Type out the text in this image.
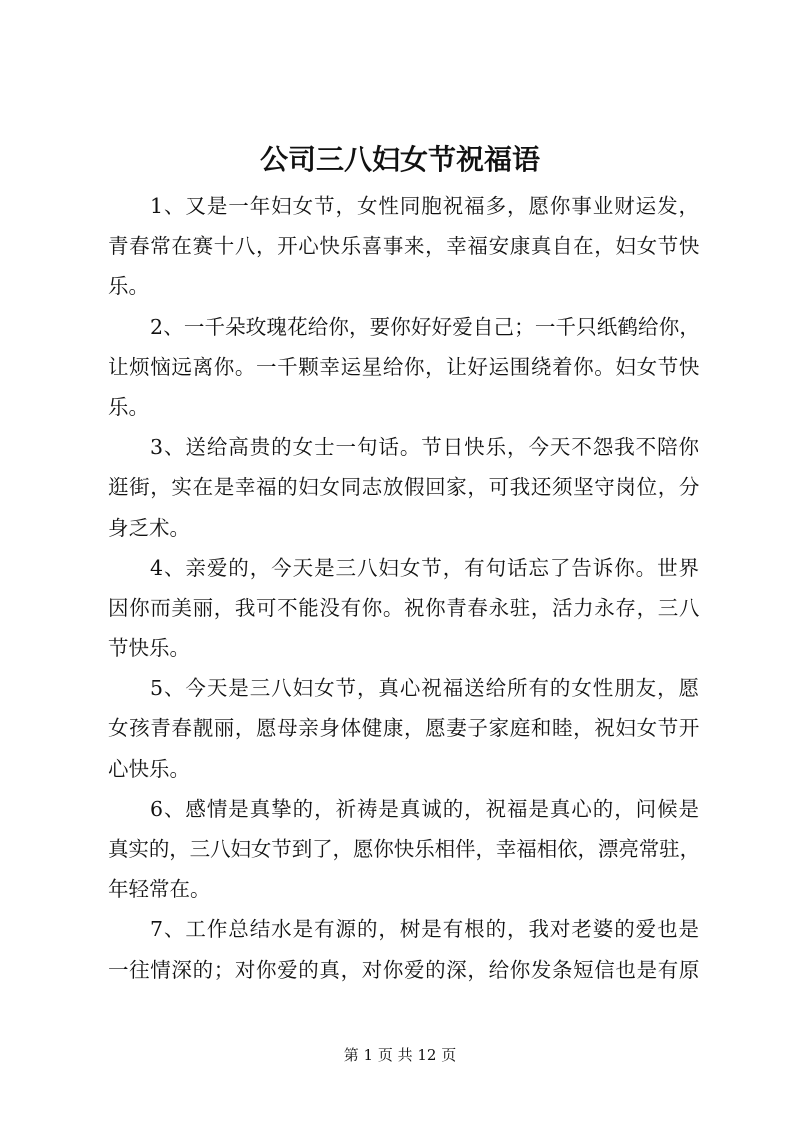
公司三八妇女节祝福语
1、又是一年妇女节，女性同胞祝福多，愿你事业财运发，
青春常在赛十八，开心快乐喜事来，幸福安康真自在，妇女节快
乐。
2、一千朵玫瑰花给你，要你好好爱自己；一千只纸鹤给你，
让烦恼远离你。一千颗幸运星给你，让好运围绕着你。妇女节快
乐。
3、送给高贵的女士一句话。节日快乐，今天不怨我不陪你
逛街，实在是幸福的妇女同志放假回家，可我还须坚守岗位，分
身乏术。
4、亲爱的，今天是三八妇女节，有句话忘了告诉你。世界
因你而美丽，我可不能没有你。祝你青春永驻，活力永存，三八
节快乐。
5、今天是三八妇女节，真心祝福送给所有的女性朋友，愿
女孩青春靓丽，愿母亲身体健康，愿妻子家庭和睦，祝妇女节开
心快乐。
6、感情是真挚的，祈祷是真诚的，祝福是真心的，问候是
真实的，三八妇女节到了，愿你快乐相伴，幸福相依，漂亮常驻，
年轻常在。
7、工作总结水是有源的，树是有根的，我对老婆的爱也是
一往情深的；对你爱的真，对你爱的深，给你发条短信也是有原
第 1 页 共 12 页
